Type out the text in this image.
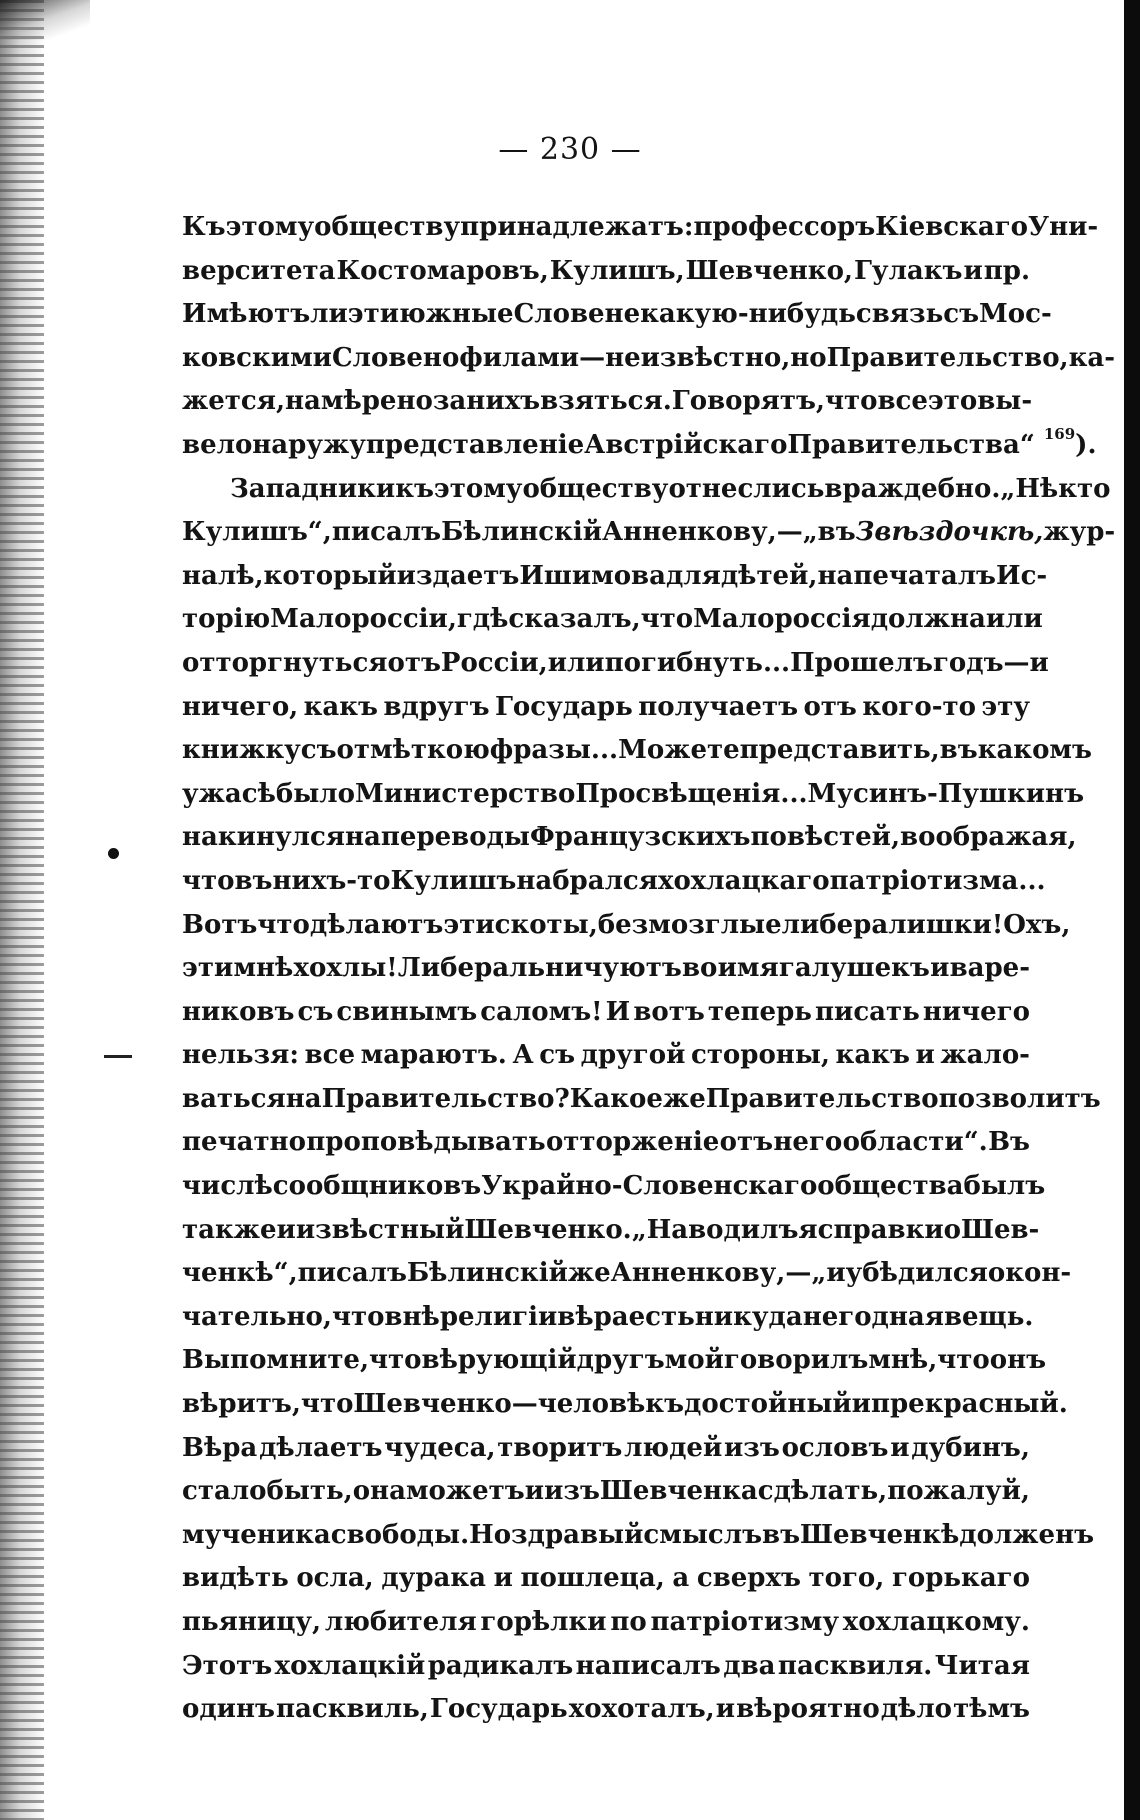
— 230 —
Къ этому обществу принадлежатъ: профессоръ Кіевскаго Уни-
верситета Костомаровъ, Кулишъ, Шевченко, Гулакъ и пр.
Имѣютъ ли эти южные Словене какую-нибудь связь съ Мос-
ковскими Словенофилами—неизвѣстно, но Правительство, ка-
жется, намѣрено за нихъ взяться. Говорятъ, что все это вы-
вело наружу представленіе Австрійскаго Правительства“ $^{169}$).
Западники къ этому обществу отнеслись враждебно. „Нѣкто
Кулишъ“, писалъ Бѣлинскій Анненкову,—„въ Звѣздочкѣ, жур-
налѣ, который издаетъ Ишимова для дѣтей, напечаталъ Ис-
торію Малороссіи, гдѣ сказалъ, что Малороссія должна или
отторгнуться отъ Россіи, или погибнуть... Прошелъ годъ—и
ничего, какъ вдругъ Государь получаетъ отъ кого-то эту
книжку съ отмѣткою фразы... Можете представить, въ какомъ
ужасѣ было Министерство Просвѣщенія... Мусинъ-Пушкинъ
накинулся на переводы Французскихъ повѣстей, воображая,
что въ нихъ-то Кулишъ набрался хохлацкаго патріотизма...
Вотъ что дѣлаютъ эти скоты, безмозглые либералишки! Охъ,
эти мнѣ хохлы! Либеральничуютъ во имя галушекъ и варе-
никовъ съ свинымъ саломъ! И вотъ теперь писать ничего
нельзя: все мараютъ. А съ другой стороны, какъ и жало-
ваться на Правительство? Какое же Правительство позволитъ
печатно проповѣдывать отторженіе отъ него области“. Въ
числѣ сообщниковъ Украйно - Словенскаго общества былъ
также и извѣстный Шевченко. „Наводилъ я справки о Шев-
ченкѣ“, писалъ Бѣлинскій же Анненкову,— „и убѣдился окон-
чательно, что внѣ религіи вѣра есть никуда негодная вещь.
Вы помните, что вѣрующій другъ мой говорилъ мнѣ, что онъ
вѣритъ, что Шевченко — человѣкъ достойный и прекрасный.
Вѣра дѣлаетъ чудеса, творитъ людей изъ ословъ и дубинъ,
стало быть, она можетъ и изъ Шевченка сдѣлать, пожалуй,
мученика свободы. Но здравый смыслъ въ Шевченкѣ долженъ
видѣть осла, дурака и пошлеца, а сверхъ того, горькаго
пьяницу, любителя горѣлки по патріотизму хохлацкому.
Этотъ хохлацкій радикалъ написалъ два пасквиля. Читая
одинъ пасквиль, Государь хохоталъ, и вѣроятно дѣло тѣмъ
